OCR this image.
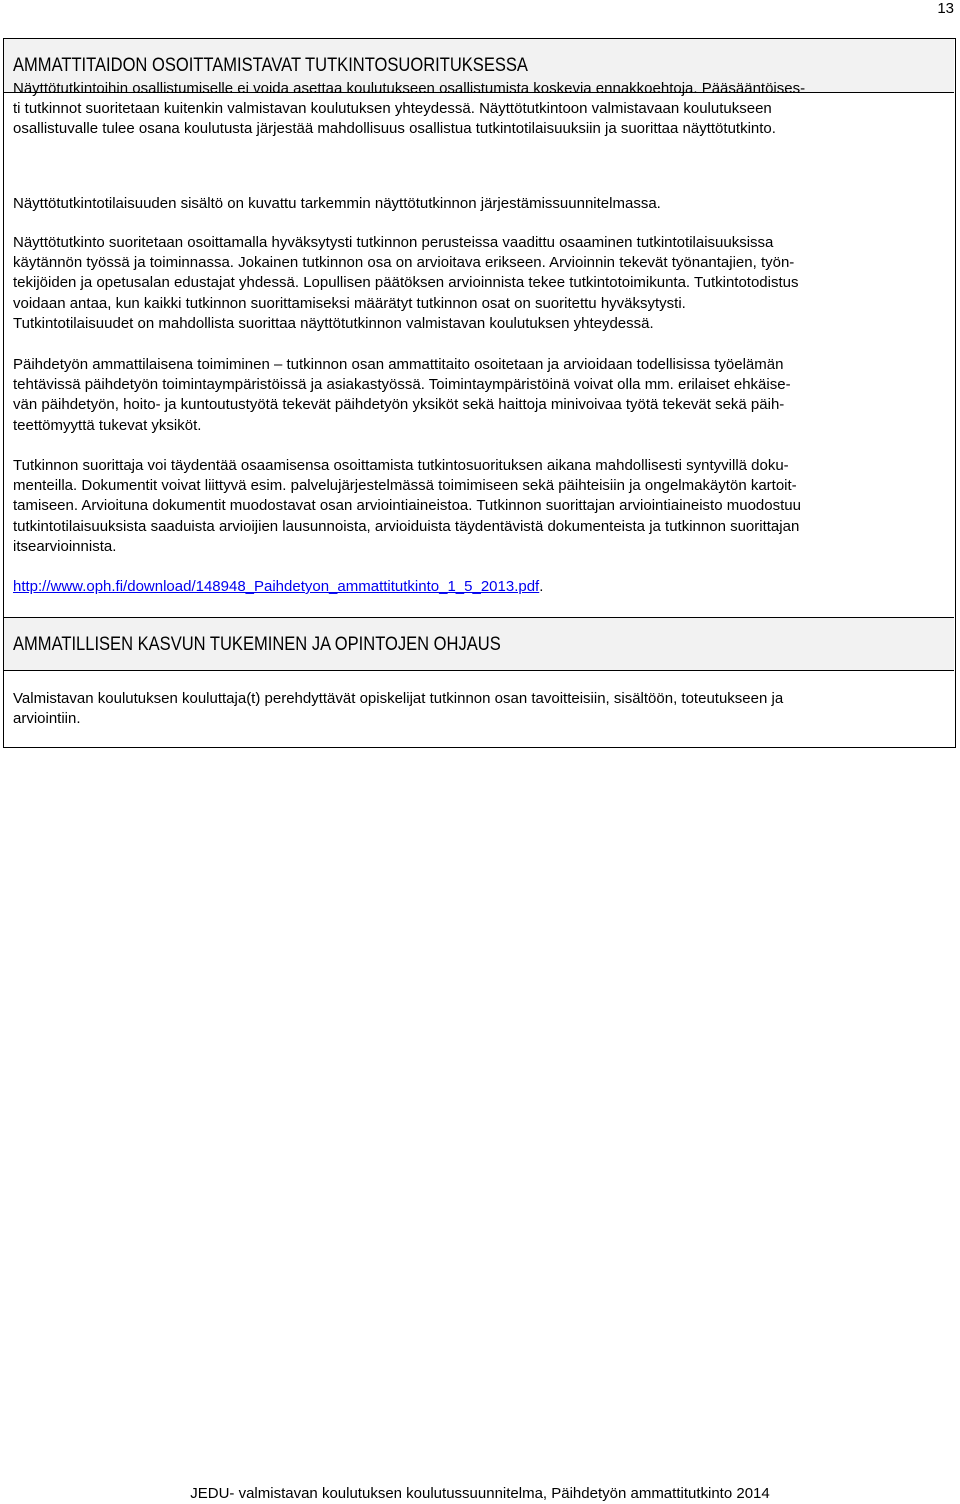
13
AMMATTITAIDON OSOITTAMISTAVAT TUTKINTOSUORITUKSESSA

Näyttötutkintoihin osallistumiselle ei voida asettaa koulutukseen osallistumista koskevia ennakkoehtoja. Pääsääntöises-
ti tutkinnot suoritetaan kuitenkin valmistavan koulutuksen yhteydessä. Näyttötutkintoon valmistavaan koulutukseen
osallistuvalle tulee osana koulutusta järjestää mahdollisuus osallistua tutkintotilaisuuksiin ja suorittaa näyttötutkinto.

Näyttötutkintotilaisuuden sisältö on kuvattu tarkemmin näyttötutkinnon järjestämissuunnitelmassa.

Näyttötutkinto suoritetaan osoittamalla hyväksytysti tutkinnon perusteissa vaadittu osaaminen tutkintotilaisuuksissa
käytännön työssä ja toiminnassa. Jokainen tutkinnon osa on arvioitava erikseen. Arvioinnin tekevät työnantajien, työn-
tekijöiden ja opetusalan edustajat yhdessä. Lopullisen päätöksen arvioinnista tekee tutkintotoimikunta. Tutkintotodistus
voidaan antaa, kun kaikki tutkinnon suorittamiseksi määrätyt tutkinnon osat on suoritettu hyväksytysti.
Tutkintotilaisuudet on mahdollista suorittaa näyttötutkinnon valmistavan koulutuksen yhteydessä.

Päihdetyön ammattilaisena toimiminen – tutkinnon osan ammattitaito osoitetaan ja arvioidaan todellisissa työelämän
tehtävissä päihdetyön toimintaympäristöissä ja asiakastyössä. Toimintaympäristöinä voivat olla mm. erilaiset ehkäise-
vän päihdetyön, hoito- ja kuntoutustyötä tekevät päihdetyön yksiköt sekä haittoja minivoivaa työtä tekevät sekä päih-
teettömyyttä tukevat yksiköt.

Tutkinnon suorittaja voi täydentää osaamisensa osoittamista tutkintosuorituksen aikana mahdollisesti syntyvillä doku-
menteilla. Dokumentit voivat liittyvä esim. palvelujärjestelmässä toimimiseen sekä päihteisiin ja ongelmakäytön kartoit-
tamiseen. Arvioituna dokumentit muodostavat osan arviointiaineistoa. Tutkinnon suorittajan arviointiaineisto muodostuu
tutkintotilaisuuksista saaduista arvioijien lausunnoista, arvioiduista täydentävistä dokumenteista ja tutkinnon suorittajan
itsearvioinnista.

http://www.oph.fi/download/148948_Paihdetyon_ammattitutkinto_1_5_2013.pdf.

AMMATILLISEN KASVUN TUKEMINEN JA OPINTOJEN OHJAUS

Valmistavan koulutuksen kouluttaja(t) perehdyttävät opiskelijat tutkinnon osan tavoitteisiin, sisältöön, toteutukseen ja
arviointiin.

JEDU- valmistavan koulutuksen koulutussuunnitelma, Päihdetyön ammattitutkinto 2014
